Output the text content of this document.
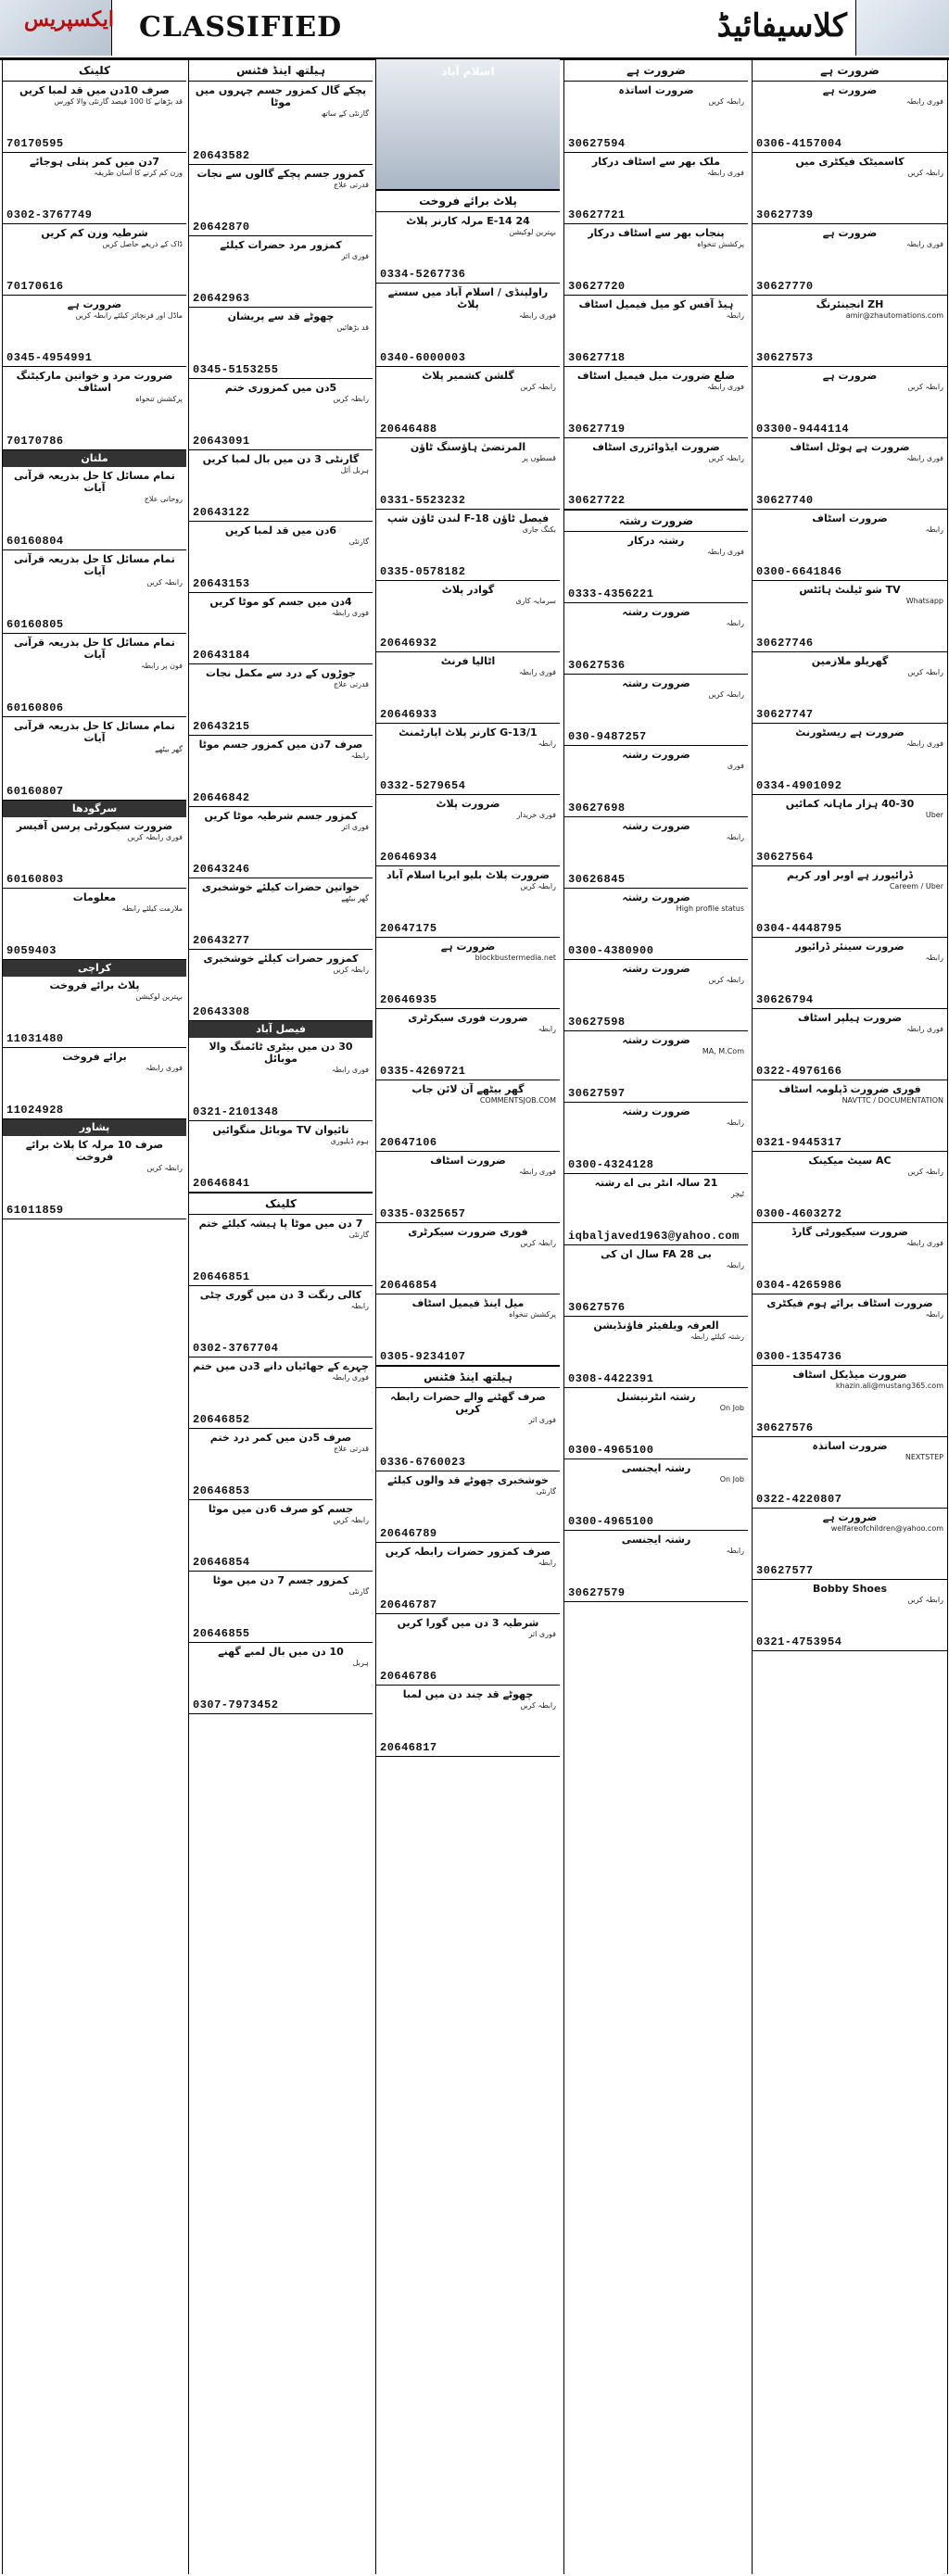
ایکسپریس CLASSIFIED	کلاسیفائیڈ
کلینک
صرف 10دن میں قد لمبا کریں
قد بڑھانے کا 100 فیصد گارنٹی والا کورس
70170595
7دن میں کمر پتلی ہوجائے
وزن کم کرنے کا آسان طریقہ
0302-3767749
شرطیہ وزن کم کریں
ڈاک کے ذریعے حاصل کریں
70170616
ضرورت ہے
ماڈل اور فرنچائز کیلئے رابطہ کریں
0345-4954991
ضرورت مرد و خواتین مارکیٹنگ اسٹاف
پرکشش تنخواہ
70170786
ملتان
تمام مسائل کا حل بذریعہ قرآنی آیات
روحانی علاج
60160804
تمام مسائل کا حل بذریعہ قرآنی آیات
رابطہ کریں
60160805
تمام مسائل کا حل بذریعہ قرآنی آیات
فون پر رابطہ
60160806
تمام مسائل کا حل بذریعہ قرآنی آیات
گھر بیٹھے
60160807
سرگودھا
ضرورت سیکورٹی پرسن آفیسر
فوری رابطہ کریں
60160803
معلومات
ملازمت کیلئے رابطہ
9059403
کراچی
پلاٹ برائے فروخت
بہترین لوکیشن
11031480
برائے فروخت
فوری رابطہ
11024928
پشاور
صرف 10 مرلہ کا پلاٹ برائے فروخت
رابطہ کریں
61011859
ہیلتھ اینڈ فٹنس
پچکے گال کمزور جسم چہروں میں موٹا
گارنٹی کے ساتھ
20643582
کمزور جسم پچکے گالوں سے نجات
قدرتی علاج
20642870
کمزور مرد حضرات کیلئے
فوری اثر
20642963
چھوٹے قد سے پریشان
قد بڑھائیں
0345-5153255
5دن میں کمزوری ختم
رابطہ کریں
20643091
گارنٹی 3 دن میں بال لمبا کریں
ہربل آئل
20643122
6دن میں قد لمبا کریں
گارنٹی
20643153
4دن میں جسم کو موٹا کریں
فوری رابطہ
20643184
جوڑوں کے درد سے مکمل نجات
قدرتی علاج
20643215
صرف 7دن میں کمزور جسم موٹا
رابطہ
20646842
کمزور جسم شرطیہ موٹا کریں
فوری اثر
20643246
خواتین حضرات کیلئے خوشخبری
گھر بیٹھے
20643277
کمزور حضرات کیلئے خوشخبری
رابطہ کریں
20643308
فیصل آباد
30 دن میں بیٹری ٹائمنگ والا موبائل
فوری رابطہ
0321-2101348
تائیوان TV موبائل منگوائیں
ہوم ڈیلیوری
20646841
کلینک
7 دن میں موٹا پا ہیشہ کیلئے ختم
گارنٹی
20646851
کالی رنگت 3 دن میں گوری چٹی
رابطہ
0302-3767704
چہرے کے جھائیاں دانے 3دن میں ختم
فوری رابطہ
20646852
صرف 5دن میں کمر درد ختم
قدرتی علاج
20646853
جسم کو صرف 6دن میں موٹا
رابطہ کریں
20646854
کمزور جسم 7 دن میں موٹا
گارنٹی
20646855
10 دن میں بال لمبے گھنے
ہربل
0307-7973452
اسلام آباد
پلاٹ برائے فروخت
E-14 24 مرلہ کارنر پلاٹ
بہترین لوکیشن
0334-5267736
راولپنڈی / اسلام آباد میں سستے پلاٹ
فوری رابطہ
0340-6000003
گلشن کشمیر پلاٹ
رابطہ کریں
20646488
المرتضیٰ ہاؤسنگ ٹاؤن
قسطوں پر
0331-5523232
فیصل ٹاؤن F-18 لندن ٹاؤن شپ
بکنگ جاری
0335-0578182
گوادر پلاٹ
سرمایہ کاری
20646932
اٹالیا فرنٹ
فوری رابطہ
20646933
G-13/1 کارنر پلاٹ اپارٹمنٹ
رابطہ
0332-5279654
ضرورت پلاٹ
فوری خریدار
20646934
ضرورت پلاٹ بلیو ایریا اسلام آباد
رابطہ کریں
20647175
ضرورت ہے
blockbustermedia.net
20646935
ضرورت فوری سیکرٹری
رابطہ
0335-4269721
گھر بیٹھے آن لائن جاب
COMMENTSJOB.COM
20647106
ضرورت اسٹاف
فوری رابطہ
0335-0325657
فوری ضرورت سیکرٹری
رابطہ کریں
20646854
میل اینڈ فیمیل اسٹاف
پرکشش تنخواہ
0305-9234107
ہیلتھ اینڈ فٹنس
صرف گھٹنے والے حضرات رابطہ کریں
فوری اثر
0336-6760023
خوشخبری چھوٹے قد والوں کیلئے
گارنٹی
20646789
صرف کمزور حضرات رابطہ کریں
رابطہ
20646787
شرطیہ 3 دن میں گورا کریں
فوری اثر
20646786
چھوٹے قد چند دن میں لمبا
رابطہ کریں
20646817
ضرورت ہے
ضرورت اساتذہ
رابطہ کریں
30627594
ملک بھر سے اسٹاف درکار
فوری رابطہ
30627721
پنجاب بھر سے اسٹاف درکار
پرکشش تنخواہ
30627720
ہیڈ آفس کو میل فیمیل اسٹاف
رابطہ
30627718
ضلع ضرورت میل فیمیل اسٹاف
فوری رابطہ
30627719
ضرورت ایڈوائزری اسٹاف
رابطہ کریں
30627722
ضرورت رشتہ
رشتہ درکار
فوری رابطہ
0333-4356221
ضرورت رشتہ
رابطہ
30627536
ضرورت رشتہ
رابطہ کریں
030-9487257
ضرورت رشتہ
فوری
30627698
ضرورت رشتہ
رابطہ
30626845
ضرورت رشتہ
High profile status
0300-4380900
ضرورت رشتہ
رابطہ کریں
30627598
ضرورت رشتہ
MA, M.Com
30627597
ضرورت رشتہ
رابطہ
0300-4324128
21 سالہ انٹر بی اے رشتہ
ٹیچر
iqbaljaved1963@yahoo.com
بی 28 FA سال ان کی
رابطہ
30627576
العرفہ ویلفیئر فاؤنڈیشن
رشتہ کیلئے رابطہ
0308-4422391
رشتہ انٹرنیشنل
On Job
0300-4965100
رشتہ ایجنسی
On Job
0300-4965100
رشتہ ایجنسی
رابطہ
30627579
ضرورت ہے
ضرورت ہے
فوری رابطہ
0306-4157004
کاسمیٹک فیکٹری میں
رابطہ کریں
30627739
ضرورت ہے
فوری رابطہ
30627770
ZH انجینئرنگ
amir@zhautomations.com
30627573
ضرورت ہے
رابطہ کریں
03300-9444114
ضرورت ہے ہوٹل اسٹاف
فوری رابطہ
30627740
ضرورت اسٹاف
رابطہ
0300-6641846
TV شو ٹیلنٹ ہائٹس
Whatsapp
30627746
گھریلو ملازمین
رابطہ کریں
30627747
ضرورت ہے ریسٹورنٹ
فوری رابطہ
0334-4901092
40-30 ہزار ماہانہ کمائیں
Uber
30627564
ڈرائیورز ہے اوبر اور کریم
Careem / Uber
0304-4448795
ضرورت سینئر ڈرائیور
رابطہ
30626794
ضرورت ہیلپر اسٹاف
فوری رابطہ
0322-4976166
فوری ضرورت ڈپلومہ اسٹاف
NAVTTC / DOCUMENTATION
0321-9445317
AC سیٹ میکینک
رابطہ کریں
0300-4603272
ضرورت سیکیورٹی گارڈ
فوری رابطہ
0304-4265986
ضرورت اسٹاف برائے ہوم فیکٹری
رابطہ
0300-1354736
ضرورت میڈیکل اسٹاف
khazin.ali@mustang365.com
30627576
ضرورت اساتذہ
NEXTSTEP
0322-4220807
ضرورت ہے
welfareofchildren@yahoo.com
30627577
Bobby Shoes
رابطہ کریں
0321-4753954
